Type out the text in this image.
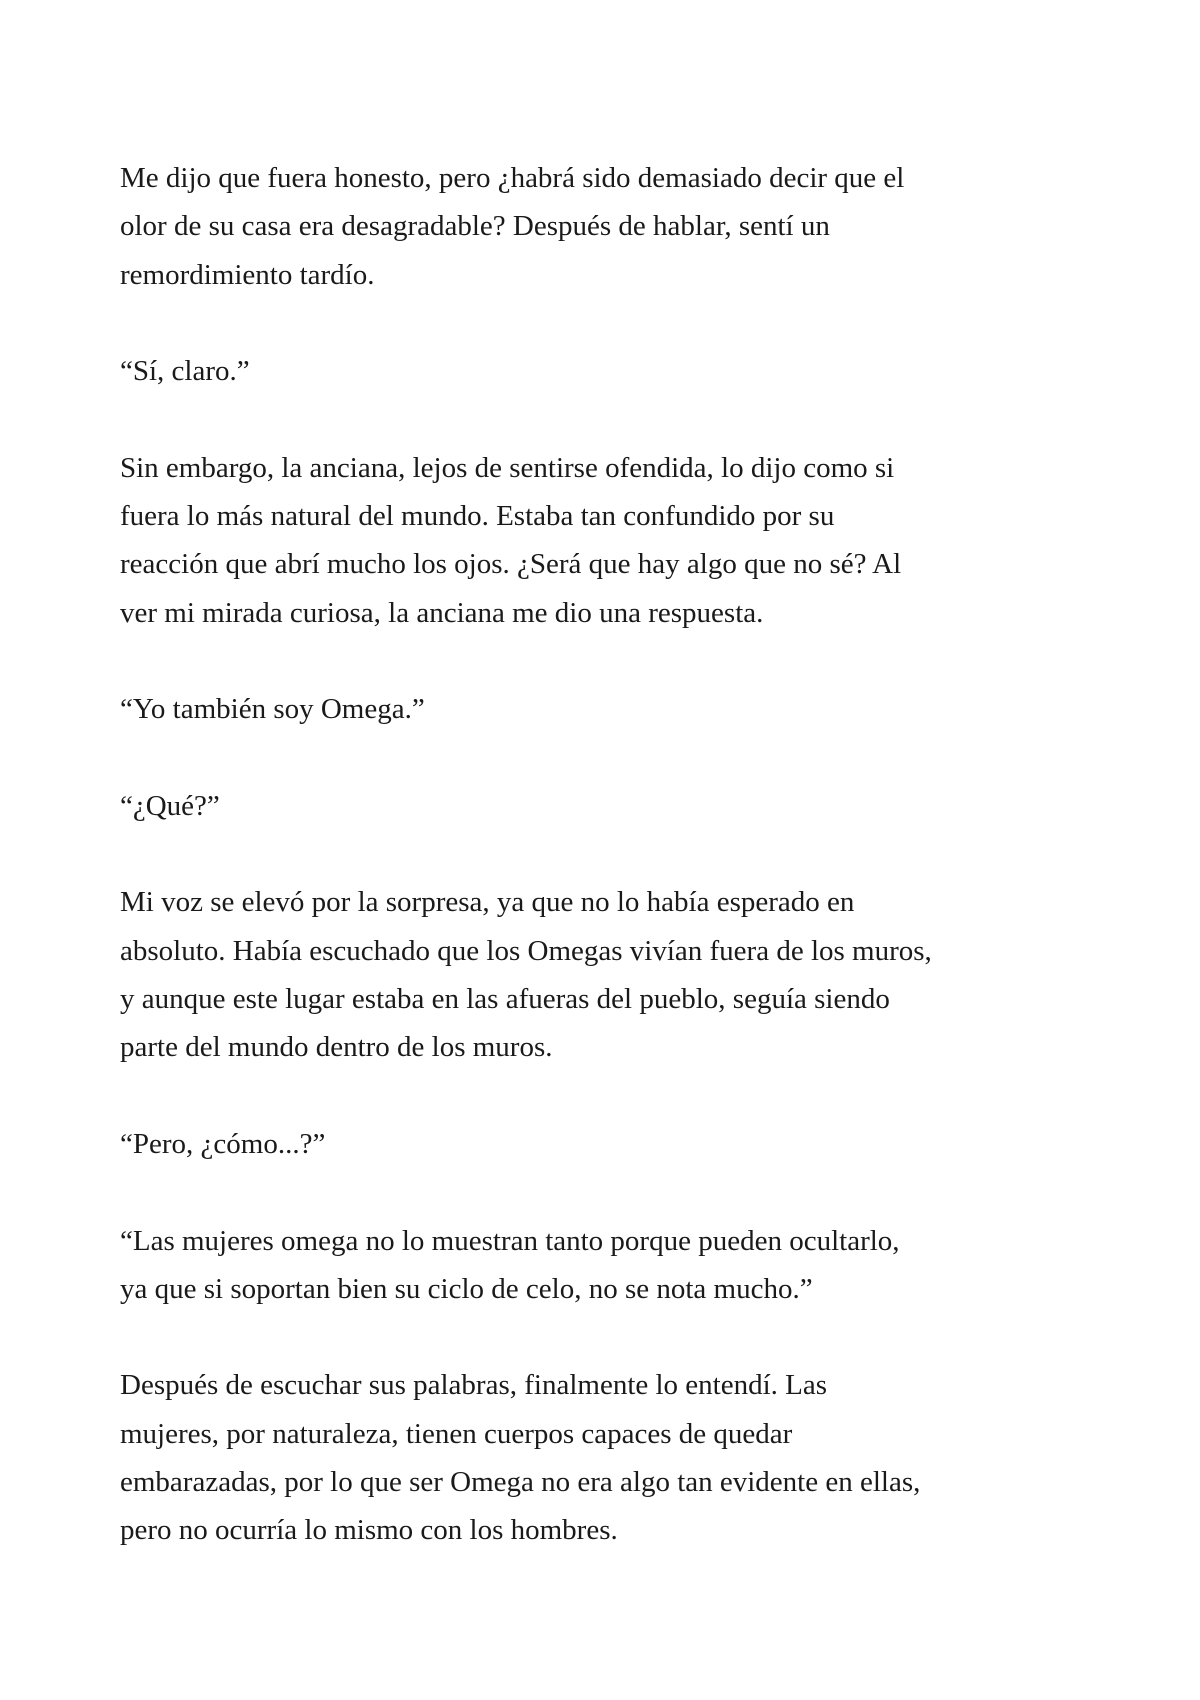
Me dijo que fuera honesto, pero ¿habrá sido demasiado decir que el
olor de su casa era desagradable? Después de hablar, sentí un
remordimiento tardío.

“Sí, claro.”

Sin embargo, la anciana, lejos de sentirse ofendida, lo dijo como si
fuera lo más natural del mundo. Estaba tan confundido por su
reacción que abrí mucho los ojos. ¿Será que hay algo que no sé? Al
ver mi mirada curiosa, la anciana me dio una respuesta.

“Yo también soy Omega.”

“¿Qué?”

Mi voz se elevó por la sorpresa, ya que no lo había esperado en
absoluto. Había escuchado que los Omegas vivían fuera de los muros,
y aunque este lugar estaba en las afueras del pueblo, seguía siendo
parte del mundo dentro de los muros.

“Pero, ¿cómo...?”

“Las mujeres omega no lo muestran tanto porque pueden ocultarlo,
ya que si soportan bien su ciclo de celo, no se nota mucho.”

Después de escuchar sus palabras, finalmente lo entendí. Las
mujeres, por naturaleza, tienen cuerpos capaces de quedar
embarazadas, por lo que ser Omega no era algo tan evidente en ellas,
pero no ocurría lo mismo con los hombres.
